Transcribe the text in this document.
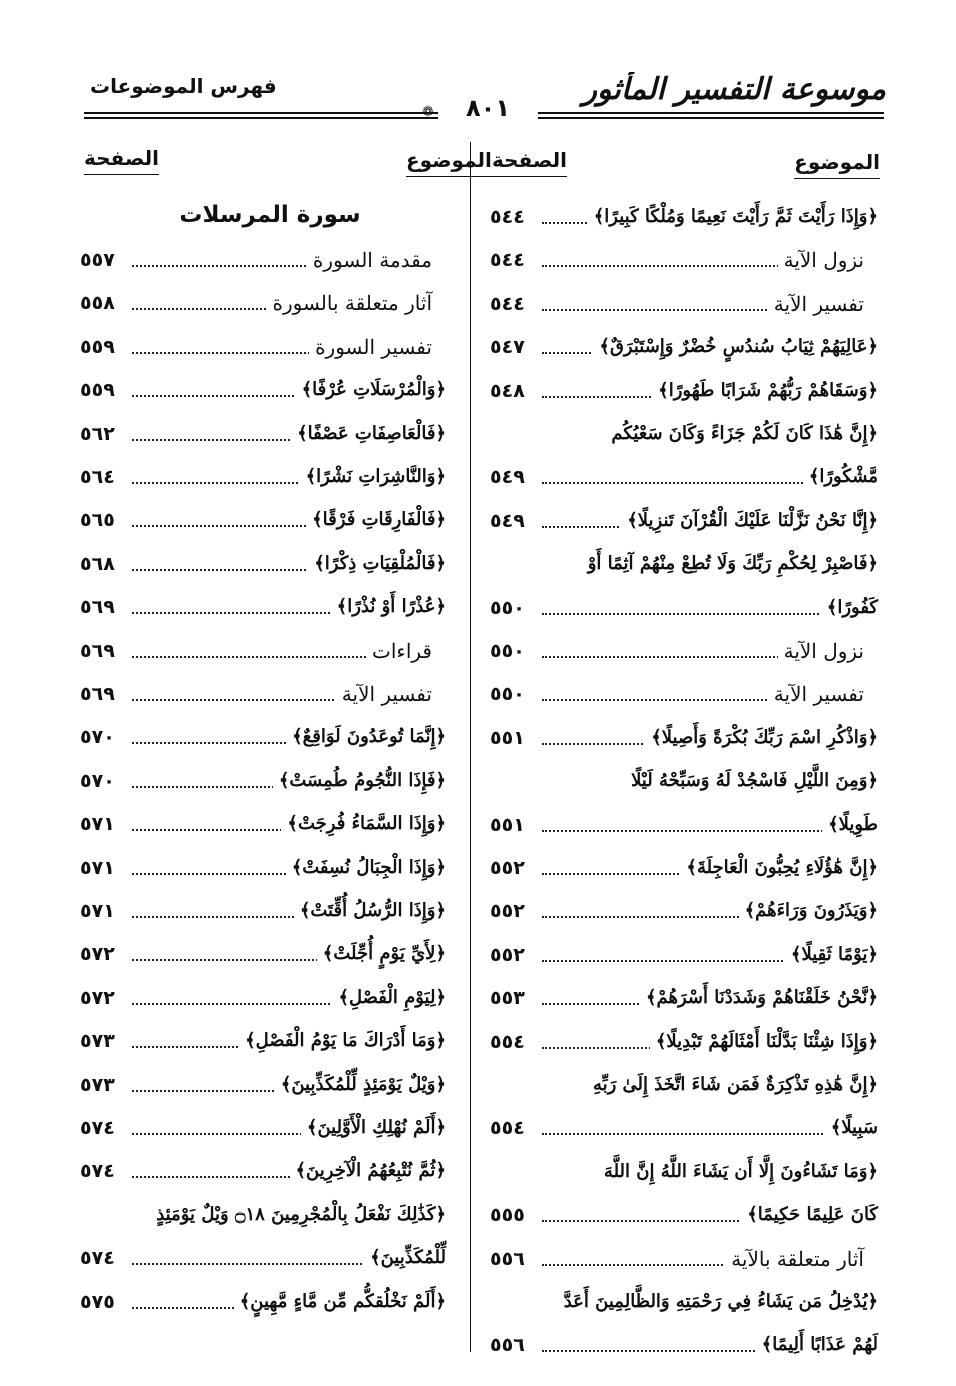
موسوعة التفسير المأثور
فهرس الموضوعات
❁	٨٠١
الموضوع
الصفحة
الموضوع
الصفحة
سورة المرسلات	﴿وَإِذَا رَأَيْتَ ثَمَّ رَأَيْتَ نَعِيمًا وَمُلْكًا كَبِيرًا﴾
٥٤٤
نزول الآية
٥٤٤
تفسير الآية
٥٤٤
﴿عَالِيَهُمْ ثِيَابُ سُندُسٍ خُضْرٌ وَإِسْتَبْرَقٌ﴾
٥٤٧
﴿وَسَقَاهُمْ رَبُّهُمْ شَرَابًا طَهُورًا﴾
٥٤٨
﴿إِنَّ هَٰذَا كَانَ لَكُمْ جَزَاءً وَكَانَ سَعْيُكُم
مَّشْكُورًا﴾
٥٤٩
﴿إِنَّا نَحْنُ نَزَّلْنَا عَلَيْكَ الْقُرْآنَ تَنزِيلًا﴾
٥٤٩
﴿فَاصْبِرْ لِحُكْمِ رَبِّكَ وَلَا تُطِعْ مِنْهُمْ آثِمًا أَوْ
كَفُورًا﴾
٥٥٠
نزول الآية
٥٥٠
تفسير الآية
٥٥٠
﴿وَاذْكُرِ اسْمَ رَبِّكَ بُكْرَةً وَأَصِيلًا﴾
٥٥١
﴿وَمِنَ اللَّيْلِ فَاسْجُدْ لَهُ وَسَبِّحْهُ لَيْلًا
طَوِيلًا﴾
٥٥١
﴿إِنَّ هَٰؤُلَاءِ يُحِبُّونَ الْعَاجِلَةَ﴾
٥٥٢
﴿وَيَذَرُونَ وَرَاءَهُمْ﴾
٥٥٢
﴿يَوْمًا ثَقِيلًا﴾
٥٥٢
﴿نَّحْنُ خَلَقْنَاهُمْ وَشَدَدْنَا أَسْرَهُمْ﴾
٥٥٣
﴿وَإِذَا شِئْنَا بَدَّلْنَا أَمْثَالَهُمْ تَبْدِيلًا﴾
٥٥٤
﴿إِنَّ هَٰذِهِ تَذْكِرَةٌ فَمَن شَاءَ اتَّخَذَ إِلَىٰ رَبِّهِ
سَبِيلًا﴾
٥٥٤
﴿وَمَا تَشَاءُونَ إِلَّا أَن يَشَاءَ اللَّهُ إِنَّ اللَّهَ
كَانَ عَلِيمًا حَكِيمًا﴾
٥٥٥
آثار متعلقة بالآية
٥٥٦
﴿يُدْخِلُ مَن يَشَاءُ فِي رَحْمَتِهِ وَالظَّالِمِينَ أَعَدَّ
لَهُمْ عَذَابًا أَلِيمًا﴾
٥٥٦
مقدمة السورة
٥٥٧
آثار متعلقة بالسورة
٥٥٨
تفسير السورة
٥٥٩
﴿وَالْمُرْسَلَاتِ عُرْفًا﴾
٥٥٩
﴿فَالْعَاصِفَاتِ عَصْفًا﴾
٥٦٢
﴿وَالنَّاشِرَاتِ نَشْرًا﴾
٥٦٤
﴿فَالْفَارِقَاتِ فَرْقًا﴾
٥٦٥
﴿فَالْمُلْقِيَاتِ ذِكْرًا﴾
٥٦٨
﴿عُذْرًا أَوْ نُذْرًا﴾
٥٦٩
قراءات
٥٦٩
تفسير الآية
٥٦٩
﴿إِنَّمَا تُوعَدُونَ لَوَاقِعٌ﴾
٥٧٠
﴿فَإِذَا النُّجُومُ طُمِسَتْ﴾
٥٧٠
﴿وَإِذَا السَّمَاءُ فُرِجَتْ﴾
٥٧١
﴿وَإِذَا الْجِبَالُ نُسِفَتْ﴾
٥٧١
﴿وَإِذَا الرُّسُلُ أُقِّتَتْ﴾
٥٧١
﴿لِأَيِّ يَوْمٍ أُجِّلَتْ﴾
٥٧٢
﴿لِيَوْمِ الْفَصْلِ﴾
٥٧٢
﴿وَمَا أَدْرَاكَ مَا يَوْمُ الْفَصْلِ﴾
٥٧٣
﴿وَيْلٌ يَوْمَئِذٍ لِّلْمُكَذِّبِينَ﴾
٥٧٣
﴿أَلَمْ نُهْلِكِ الْأَوَّلِينَ﴾
٥٧٤
﴿ثُمَّ نُتْبِعُهُمُ الْآخِرِينَ﴾
٥٧٤
﴿كَذَٰلِكَ نَفْعَلُ بِالْمُجْرِمِينَ ۝١٨ وَيْلٌ يَوْمَئِذٍ
لِّلْمُكَذِّبِينَ﴾
٥٧٤
﴿أَلَمْ نَخْلُقكُّم مِّن مَّاءٍ مَّهِينٍ﴾
٥٧٥
